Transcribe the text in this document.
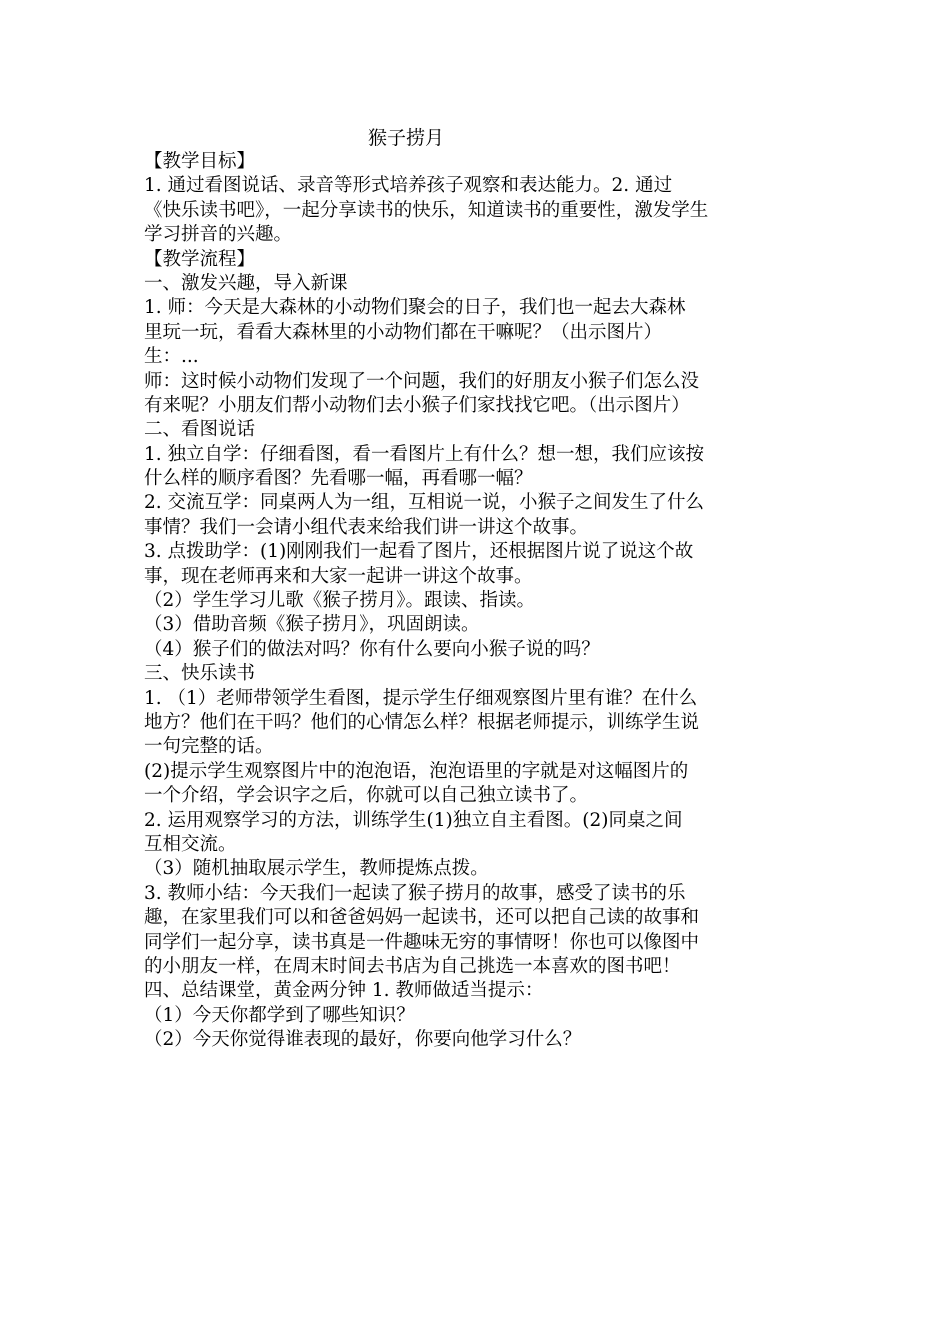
猴子捞月
【教学目标】
1. 通过看图说话、录音等形式培养孩子观察和表达能力。2. 通过
《快乐读书吧》，一起分享读书的快乐，知道读书的重要性，激发学生
学习拼音的兴趣。
【教学流程】
一、激发兴趣，导入新课
1. 师：今天是大森林的小动物们聚会的日子，我们也一起去大森林
里玩一玩，看看大森林里的小动物们都在干嘛呢？（出示图片）
生：...
师：这时候小动物们发现了一个问题，我们的好朋友小猴子们怎么没
有来呢？小朋友们帮小动物们去小猴子们家找找它吧。（出示图片）
二、看图说话
1. 独立自学：仔细看图，看一看图片上有什么？想一想，我们应该按
什么样的顺序看图？先看哪一幅，再看哪一幅？
2. 交流互学：同桌两人为一组，互相说一说，小猴子之间发生了什么
事情？我们一会请小组代表来给我们讲一讲这个故事。
3. 点拨助学：(1)刚刚我们一起看了图片，还根据图片说了说这个故
事，现在老师再来和大家一起讲一讲这个故事。
（2）学生学习儿歌《猴子捞月》。跟读、指读。
（3）借助音频《猴子捞月》，巩固朗读。
（4）猴子们的做法对吗？你有什么要向小猴子说的吗？
三、快乐读书
1. （1）老师带领学生看图，提示学生仔细观察图片里有谁？在什么
地方？他们在干吗？他们的心情怎么样？根据老师提示，训练学生说
一句完整的话。
(2)提示学生观察图片中的泡泡语，泡泡语里的字就是对这幅图片的
一个介绍，学会识字之后，你就可以自己独立读书了。
2. 运用观察学习的方法，训练学生(1)独立自主看图。(2)同桌之间
互相交流。
（3）随机抽取展示学生，教师提炼点拨。
3. 教师小结：今天我们一起读了猴子捞月的故事，感受了读书的乐
趣，在家里我们可以和爸爸妈妈一起读书，还可以把自己读的故事和
同学们一起分享，读书真是一件趣味无穷的事情呀！你也可以像图中
的小朋友一样，在周末时间去书店为自己挑选一本喜欢的图书吧！
四、总结课堂，黄金两分钟 1. 教师做适当提示：
（1）今天你都学到了哪些知识？
（2）今天你觉得谁表现的最好，你要向他学习什么？
